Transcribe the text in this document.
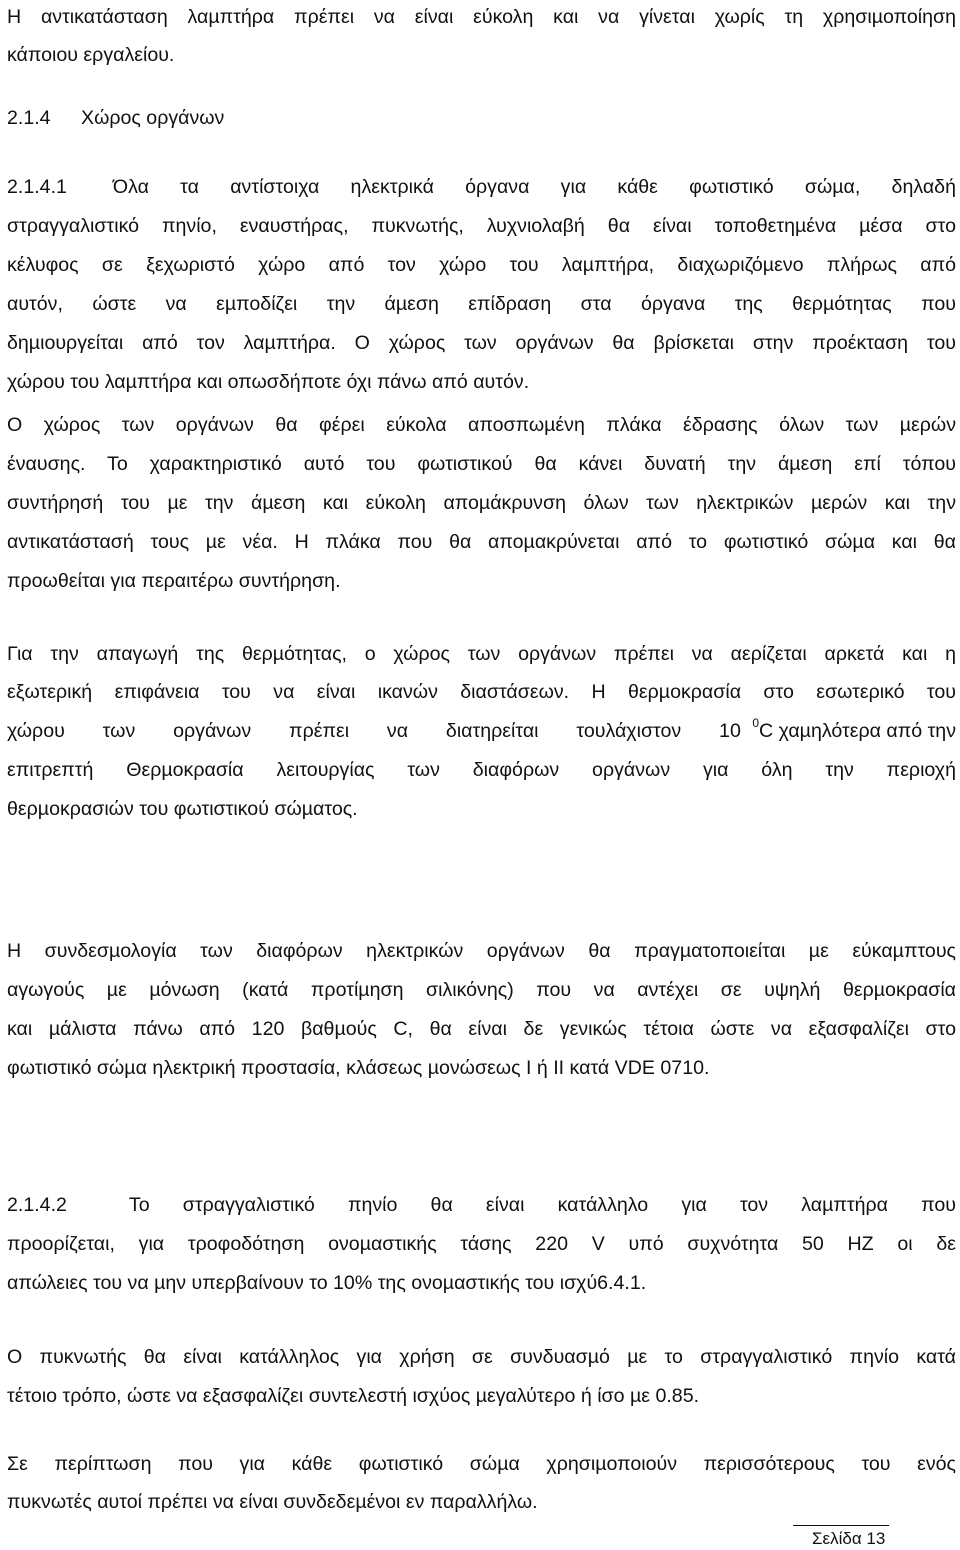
Η αντικατάσταση λαµπτήρα πρέπει να είναι εύκολη και να γίνεται χωρίς τη χρησιµοποίηση

κάποιου εργαλείου.

2.1.4 Χώρος οργάνων

2.1.4.1 Όλα τα αντίστοιχα ηλεκτρικά όργανα για κάθε φωτιστικό σώµα, δηλαδή

στραγγαλιστικό πηνίο, εναυστήρας, πυκνωτής, λυχνιολαβή θα είναι τοποθετηµένα µέσα στο

κέλυφος σε ξεχωριστό χώρο από τον χώρο του λαµπτήρα, διαχωριζόµενο πλήρως από

αυτόν, ώστε να εµποδίζει την άµεση επίδραση στα όργανα της θερµότητας που

δηµιουργείται από τον λαµπτήρα. Ο χώρος των οργάνων θα βρίσκεται στην προέκταση του

χώρου του λαµπτήρα και οπωσδήποτε όχι πάνω από αυτόν.

Ο χώρος των οργάνων θα φέρει εύκολα αποσπωµένη πλάκα έδρασης όλων των µερών

έναυσης. Το χαρακτηριστικό αυτό του φωτιστικού θα κάνει δυνατή την άµεση επί τόπου

συντήρησή του µε την άµεση και εύκολη αποµάκρυνση όλων των ηλεκτρικών µερών και την

αντικατάστασή τους µε νέα. Η πλάκα που θα αποµακρύνεται από το φωτιστικό σώµα και θα

προωθείται για περαιτέρω συντήρηση.

Για την απαγωγή της θερµότητας, ο χώρος των οργάνων πρέπει να αερίζεται αρκετά και η

εξωτερική επιφάνεια του να είναι ικανών διαστάσεων. Η θερµοκρασία στο εσωτερικό του

χώρου των οργάνων πρέπει να διατηρείται τουλάχιστον 10 $^0$C χαµηλότερα από την

επιτρεπτή Θερµοκρασία λειτουργίας των διαφόρων οργάνων για όλη την περιοχή

θερµοκρασιών του φωτιστικού σώµατος.

Η συνδεσµολογία των διαφόρων ηλεκτρικών οργάνων θα πραγµατοποιείται µε εύκαµπτους

αγωγούς µε µόνωση (κατά προτίµηση σιλικόνης) που να αντέχει σε υψηλή θερµοκρασία

και µάλιστα πάνω από 120 βαθµούς C, θα είναι δε γενικώς τέτοια ώστε να εξασφαλίζει στο

φωτιστικό σώµα ηλεκτρική προστασία, κλάσεως µονώσεως Ι ή ΙΙ κατά VDE 0710.

2.1.4.2	Το στραγγαλιστικό πηνίο θα είναι κατάλληλο για τον λαµπτήρα που

προορίζεται, για τροφοδότηση ονοµαστικής τάσης 220 V υπό συχνότητα 50 HZ οι δε

απώλειες του να µην υπερβαίνουν το 10% της ονοµαστικής του ισχύ6.4.1.

Ο πυκνωτής θα είναι κατάλληλος για χρήση σε συνδυασµό µε το στραγγαλιστικό πηνίο κατά

τέτοιο τρόπο, ώστε να εξασφαλίζει συντελεστή ισχύος µεγαλύτερο ή ίσο µε 0.85.

Σε περίπτωση που για κάθε φωτιστικό σώµα χρησιµοποιούν περισσότερους του ενός

πυκνωτές αυτοί πρέπει να είναι συνδεδεµένοι εν παραλλήλω.

Σελίδα 13
